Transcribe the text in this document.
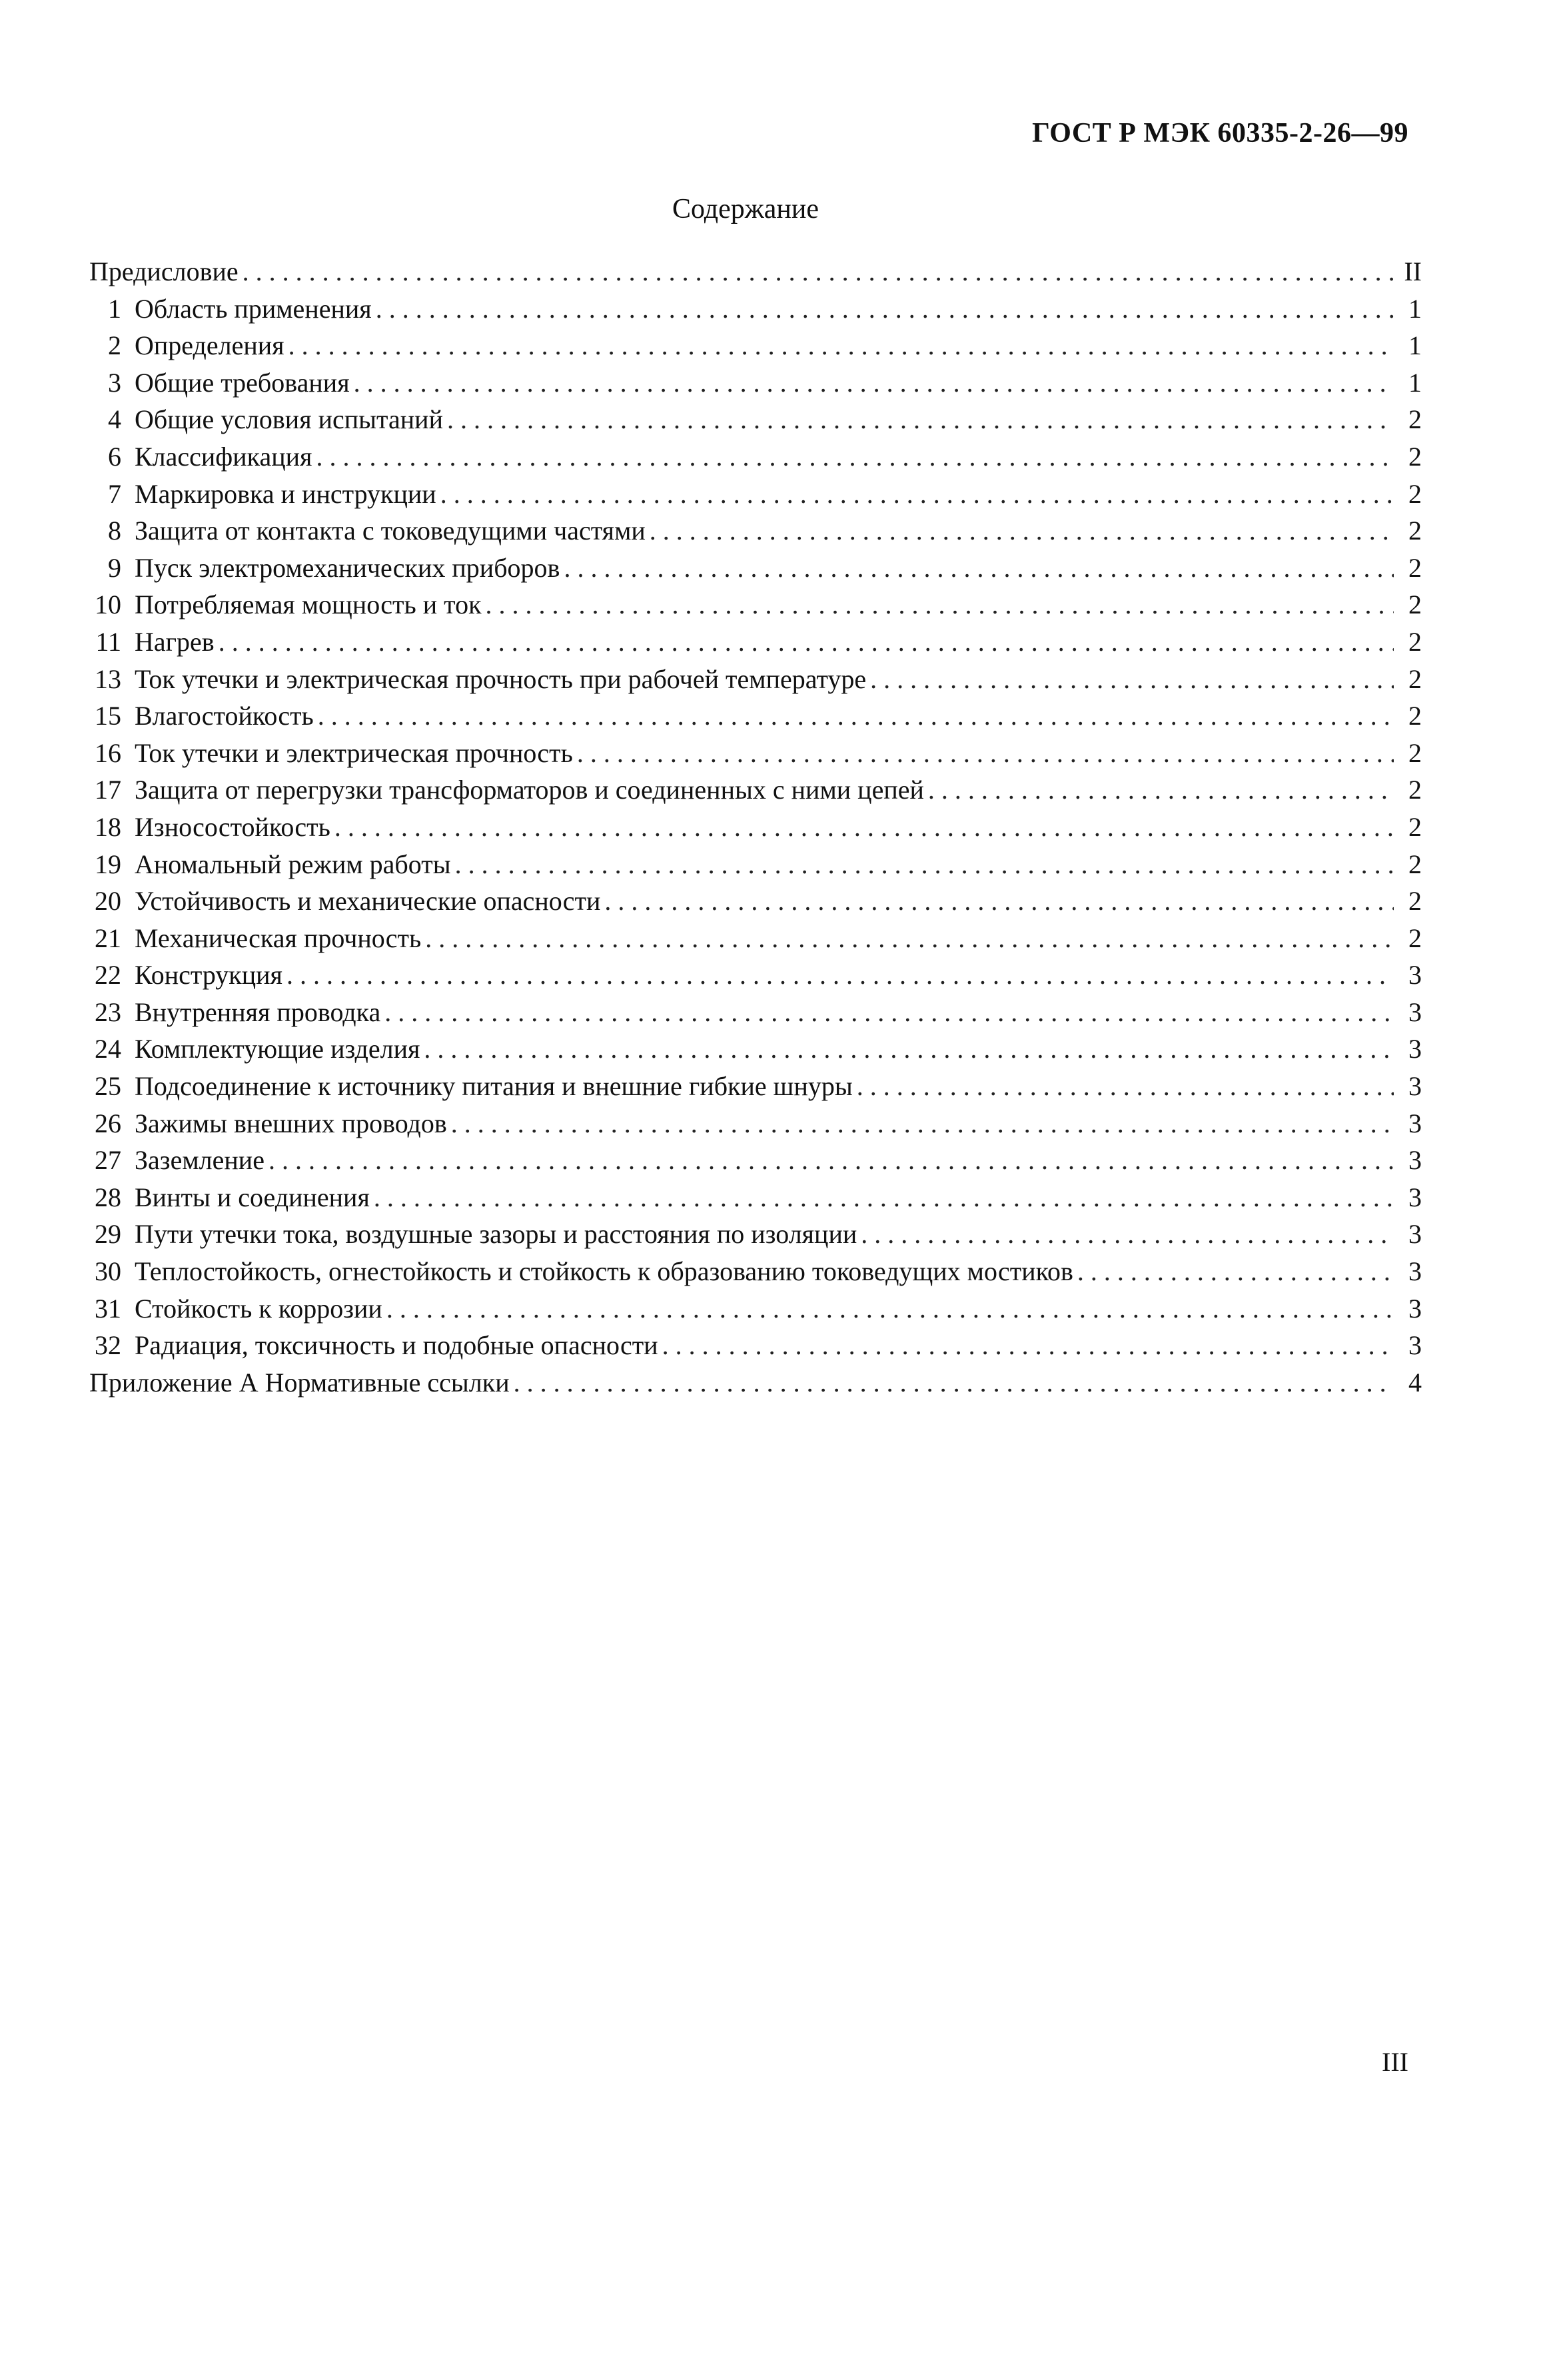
ГОСТ Р МЭК 60335-2-26—99
Содержание
Предисловие . . .	II
1 Область применения . . .	1
2 Определения . . .	1
3 Общие требования . . .	1
4 Общие условия испытаний . . .	2
6 Классификация . . .	2
7 Маркировка и инструкции . . .	2
8 Защита от контакта с токоведущими частями . . .	2
9 Пуск электромеханических приборов . . .	2
10 Потребляемая мощность и ток . . .	2
11 Нагрев . . .	2
13 Ток утечки и электрическая прочность при рабочей температуре . . .	2
15 Влагостойкость . . .	2
16 Ток утечки и электрическая прочность . . .	2
17 Защита от перегрузки трансформаторов и соединенных с ними цепей . . .	2
18 Износостойкость . . .	2
19 Аномальный режим работы . . .	2
20 Устойчивость и механические опасности . . .	2
21 Механическая прочность . . .	2
22 Конструкция . . .	3
23 Внутренняя проводка . . .	3
24 Комплектующие изделия . . .	3
25 Подсоединение к источнику питания и внешние гибкие шнуры . . .	3
26 Зажимы внешних проводов . . .	3
27 Заземление . . .	3
28 Винты и соединения . . .	3
29 Пути утечки тока, воздушные зазоры и расстояния по изоляции . . .	3
30 Теплостойкость, огнестойкость и стойкость к образованию токоведущих мостиков . . .	3
31 Стойкость к коррозии . . .	3
32 Радиация, токсичность и подобные опасности . . .	3
Приложение А Нормативные ссылки . . .	4
III
